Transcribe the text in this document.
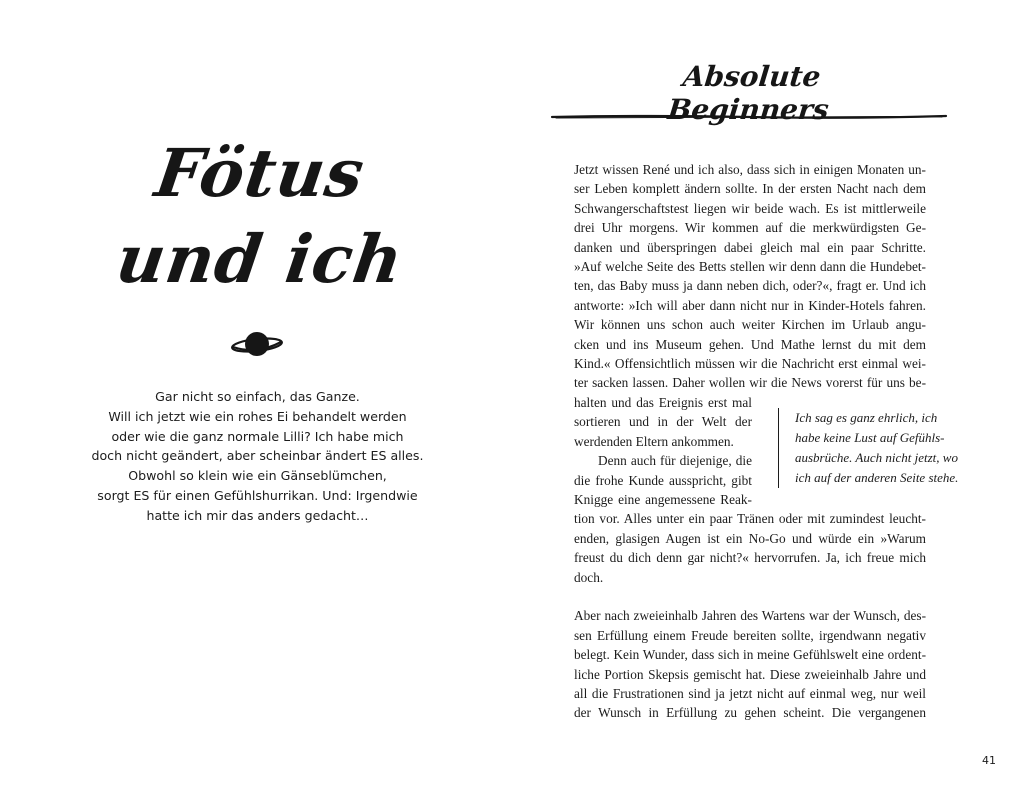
Fötus
und ich
Gar nicht so einfach, das Ganze.
Will ich jetzt wie ein rohes Ei behandelt werden
oder wie die ganz normale Lilli? Ich habe mich
doch nicht geändert, aber scheinbar ändert ES alles.
Obwohl so klein wie ein Gänseblümchen,
sorgt ES für einen Gefühlshurrikan. Und: Irgendwie
hatte ich mir das anders gedacht…
Absolute Beginners
Jetzt wissen René und ich also, dass sich in einigen Monaten un-
ser Leben komplett ändern sollte. In der ersten Nacht nach dem
Schwangerschaftstest liegen wir beide wach. Es ist mittlerweile
drei Uhr morgens. Wir kommen auf die merkwürdigsten Ge-
danken und überspringen dabei gleich mal ein paar Schritte.
»Auf welche Seite des Betts stellen wir denn dann die Hundebet-
ten, das Baby muss ja dann neben dich, oder?«, fragt er. Und ich
antworte: »Ich will aber dann nicht nur in Kinder-Hotels fahren.
Wir können uns schon auch weiter Kirchen im Urlaub angu-
cken und ins Museum gehen. Und Mathe lernst du mit dem
Kind.« Offensichtlich müssen wir die Nachricht erst einmal wei-
ter sacken lassen. Daher wollen wir die News vorerst für uns be-
halten und das Ereignis erst mal
sortieren und in der Welt der
werdenden Eltern ankommen.
Denn auch für diejenige, die
die frohe Kunde ausspricht, gibt
Knigge eine angemessene Reak-
tion vor. Alles unter ein paar Tränen oder mit zumindest leucht-
enden, glasigen Augen ist ein No-Go und würde ein »Warum
freust du dich denn gar nicht?« hervorrufen. Ja, ich freue mich
doch.
Aber nach zweieinhalb Jahren des Wartens war der Wunsch, des-
sen Erfüllung einem Freude bereiten sollte, irgendwann negativ
belegt. Kein Wunder, dass sich in meine Gefühlswelt eine ordent-
liche Portion Skepsis gemischt hat. Diese zweieinhalb Jahre und
all die Frustrationen sind ja jetzt nicht auf einmal weg, nur weil
der Wunsch in Erfüllung zu gehen scheint. Die vergangenen
Ich sag es ganz ehrlich, ich
habe keine Lust auf Gefühls-
ausbrüche. Auch nicht jetzt, wo
ich auf der anderen Seite stehe.
41
